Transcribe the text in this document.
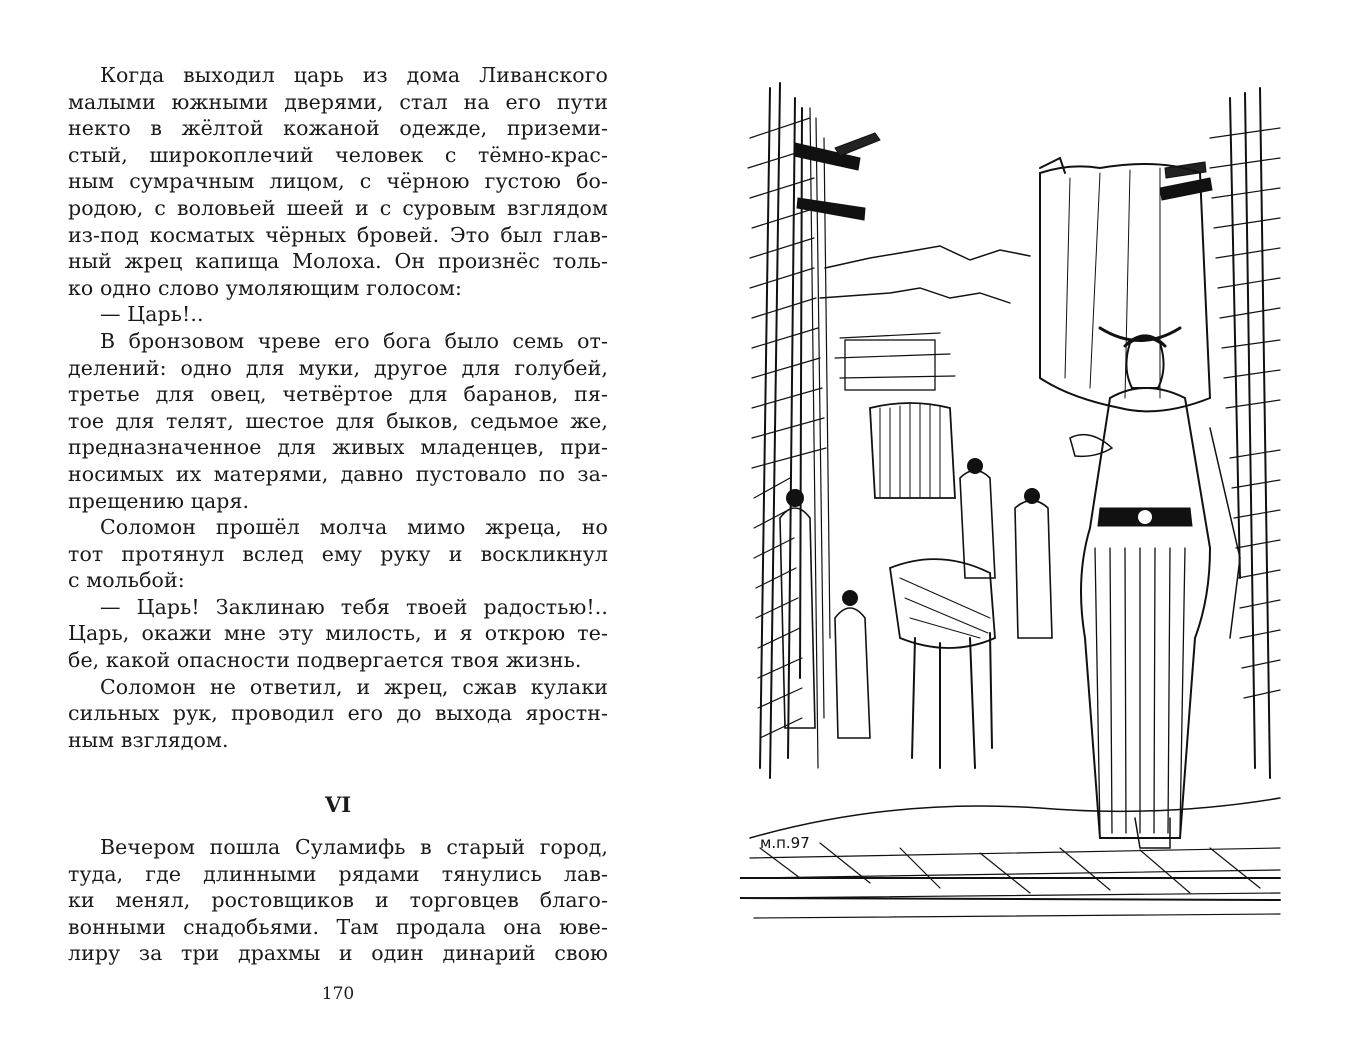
Когда выходил царь из дома Ливанского
малыми южными дверями, стал на его пути
некто в жёлтой кожаной одежде, приземи-
стый, широкоплечий человек с тёмно-крас-
ным сумрачным лицом, с чёрною густою бо-
родою, с воловьей шеей и с суровым взглядом
из-под косматых чёрных бровей. Это был глав-
ный жрец капища Молоха. Он произнёс толь-
ко одно слово умоляющим голосом:
— Царь!..
В бронзовом чреве его бога было семь от-
делений: одно для муки, другое для голубей,
третье для овец, четвёртое для баранов, пя-
тое для телят, шестое для быков, седьмое же,
предназначенное для живых младенцев, при-
носимых их матерями, давно пустовало по за-
прещению царя.
Соломон прошёл молча мимо жреца, но
тот протянул вслед ему руку и воскликнул
с мольбой:
— Царь! Заклинаю тебя твоей радостью!..
Царь, окажи мне эту милость, и я открою те-
бе, какой опасности подвергается твоя жизнь.
Соломон не ответил, и жрец, сжав кулаки
сильных рук, проводил его до выхода яростн-
ным взглядом.
VI
Вечером пошла Суламифь в старый город,
туда, где длинными рядами тянулись лав-
ки менял, ростовщиков и торговцев благо-
вонными снадобьями. Там продала она юве-
лиру за три драхмы и один динарий свою
170
м.п.97
